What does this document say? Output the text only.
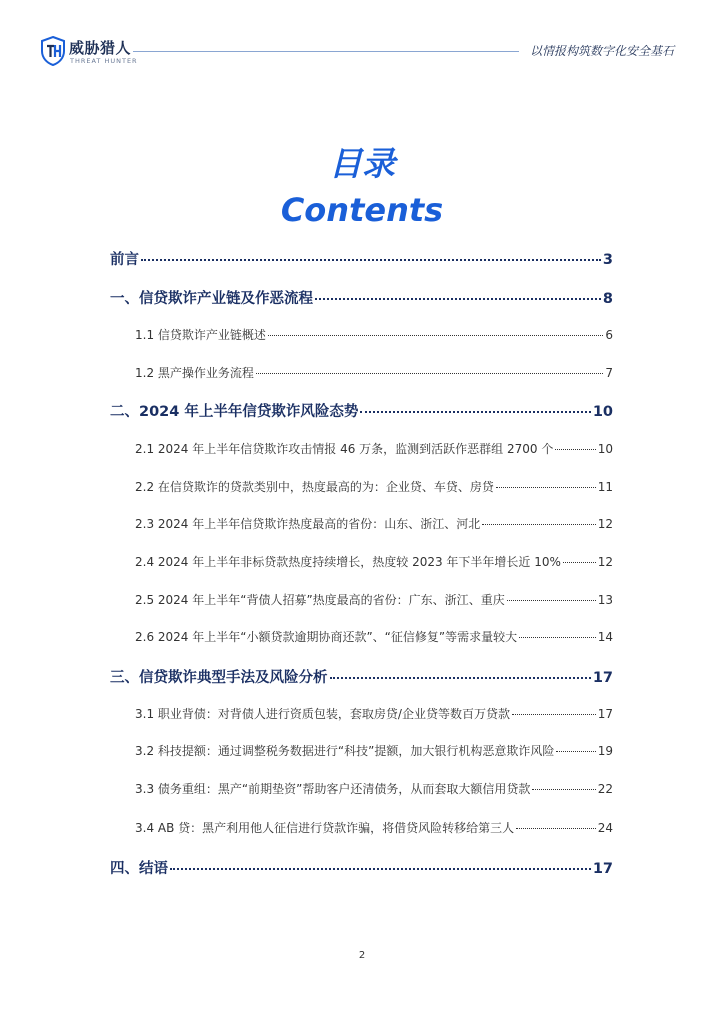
威胁猎人
THREAT HUNTER
以情报构筑数字化安全基石
目录
Contents
前言	3
一、信贷欺诈产业链及作恶流程	8
1.1 信贷欺诈产业链概述	6
1.2 黑产操作业务流程	7
二、2024 年上半年信贷欺诈风险态势	10
2.1 2024 年上半年信贷欺诈攻击情报 46 万条，监测到活跃作恶群组 2700 个	10
2.2 在信贷欺诈的贷款类别中，热度最高的为：企业贷、车贷、房贷	11
2.3 2024 年上半年信贷欺诈热度最高的省份：山东、浙江、河北	12
2.4 2024 年上半年非标贷款热度持续增长，热度较 2023 年下半年增长近 10%	12
2.5 2024 年上半年“背债人招募”热度最高的省份：广东、浙江、重庆	13
2.6 2024 年上半年“小额贷款逾期协商还款”、“征信修复”等需求量较大	14
三、信贷欺诈典型手法及风险分析	17
3.1 职业背债：对背债人进行资质包装，套取房贷/企业贷等数百万贷款	17
3.2 科技提额：通过调整税务数据进行“科技”提额，加大银行机构恶意欺诈风险	19
3.3 债务重组：黑产“前期垫资”帮助客户还清债务，从而套取大额信用贷款	22
3.4 AB 贷：黑产利用他人征信进行贷款诈骗，将借贷风险转移给第三人	24
四、结语	17
2
